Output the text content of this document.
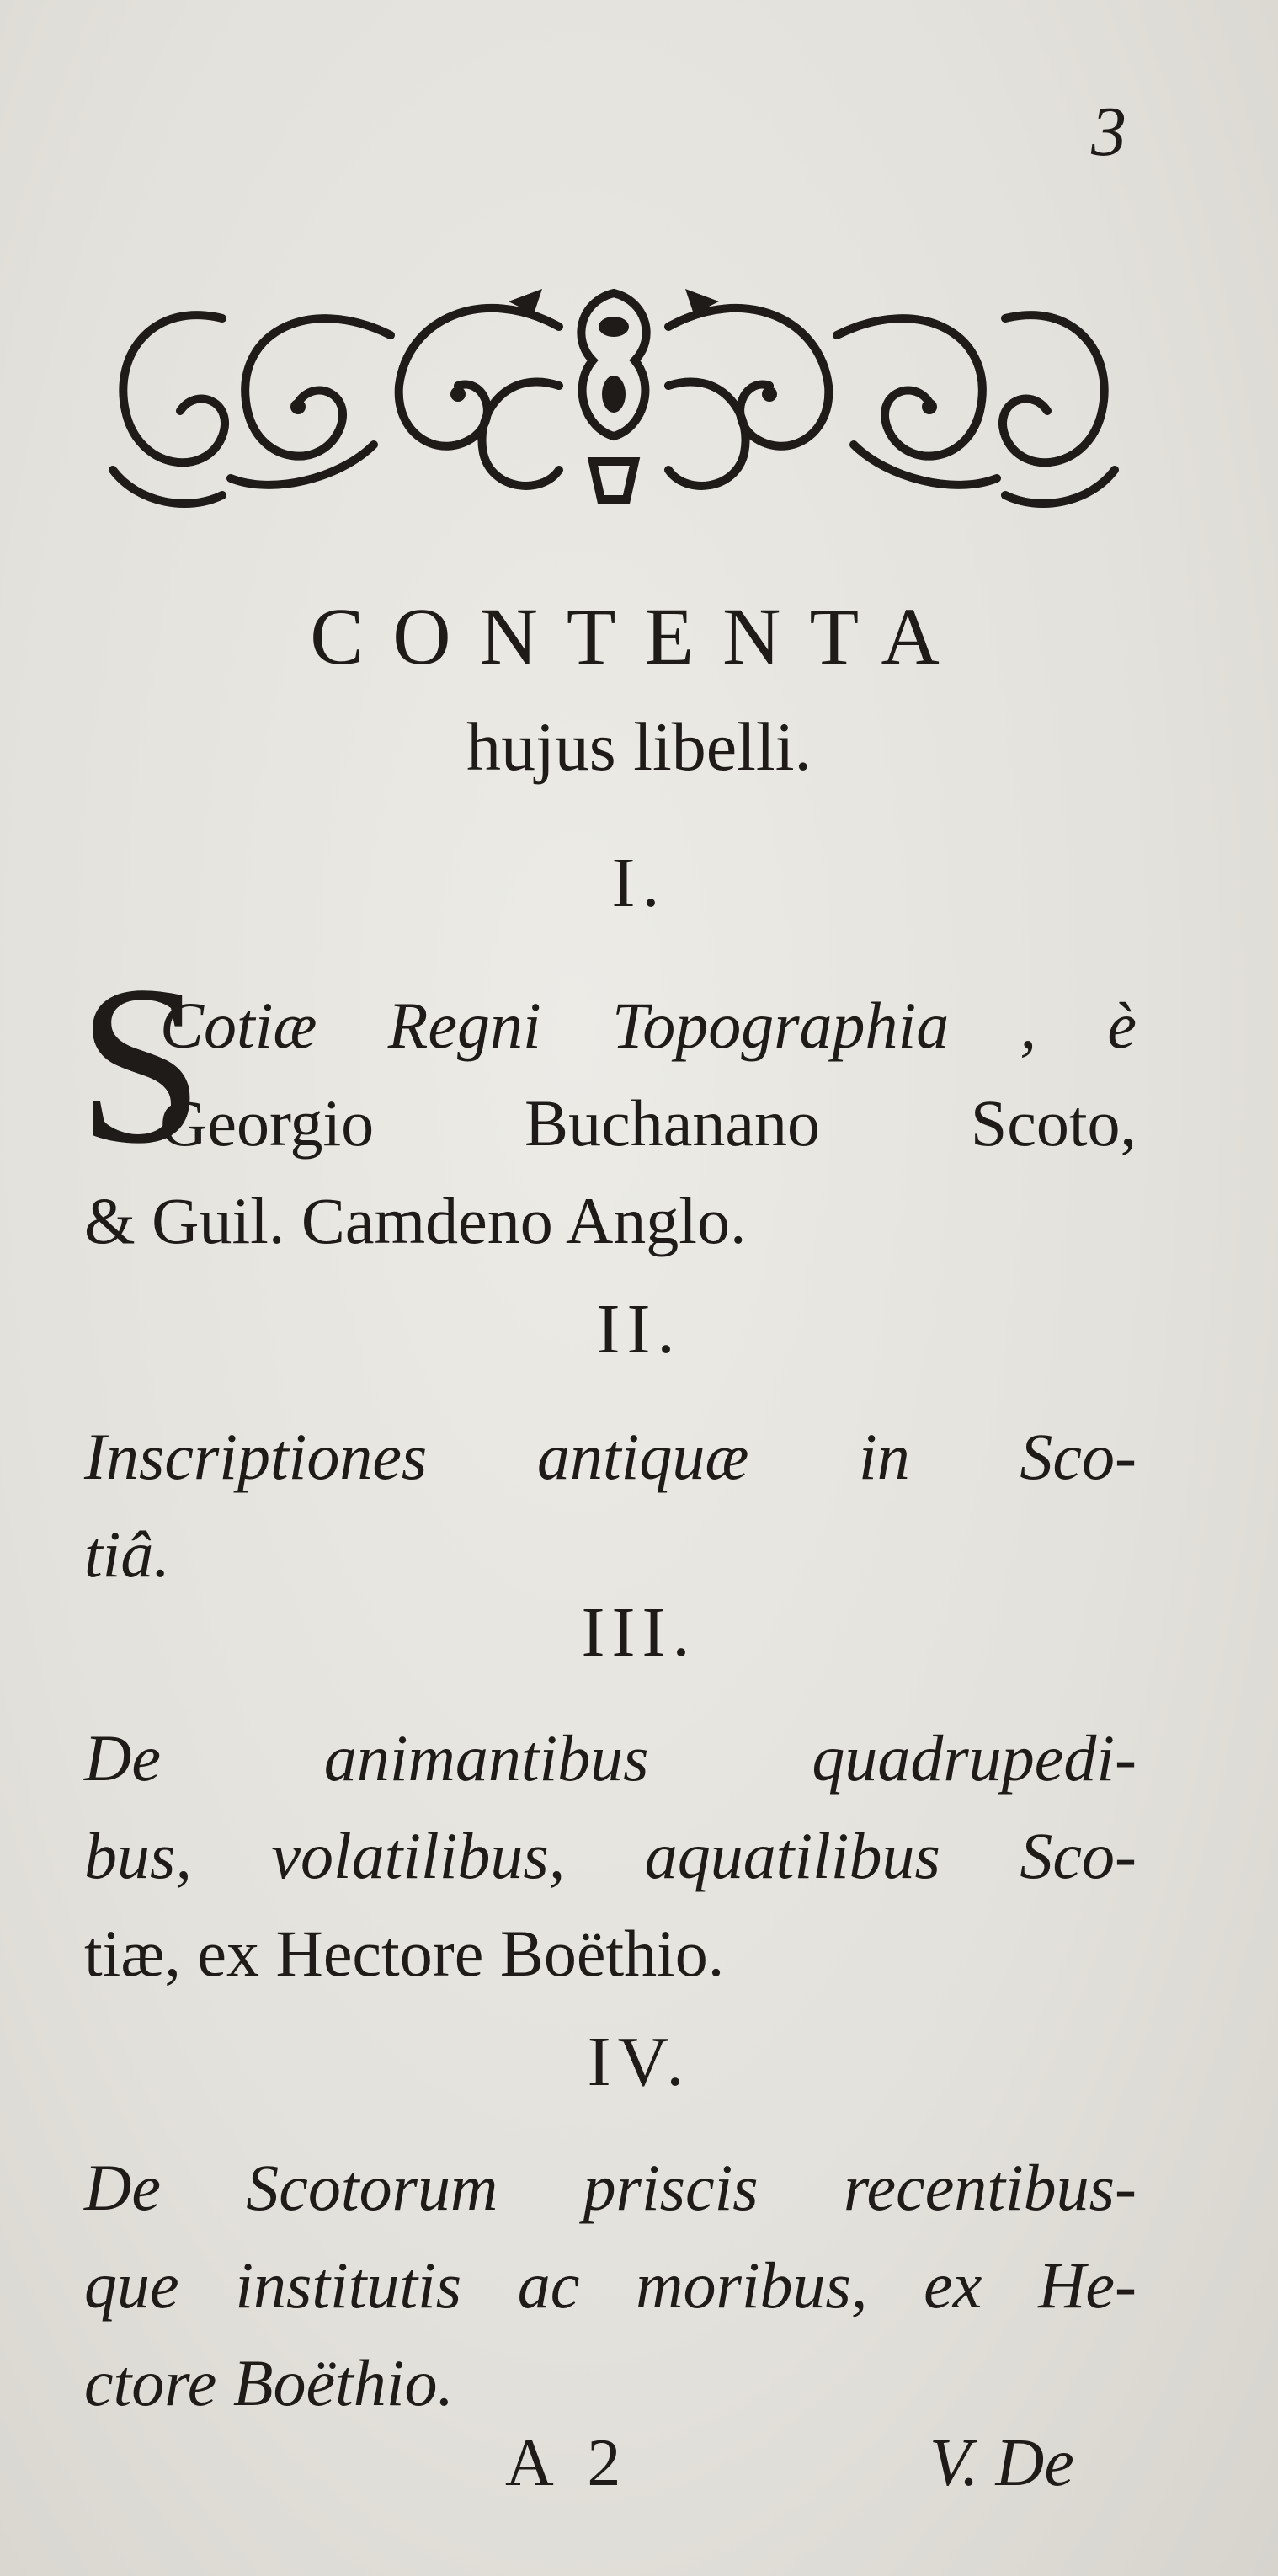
3
CONTENTA
hujus libelli.
I.
S
Cotiæ Regni Topographia , è
Georgio Buchanano Scoto,
& Guil. Camdeno Anglo.
II.
Inscriptiones antiquæ in Sco-
tiâ.
III.
De animantibus quadrupedi-
bus, volatilibus, aquatilibus Sco-
tiæ, ex Hectore Boëthio.
IV.
De Scotorum priscis recentibus-
que institutis ac moribus, ex He-
ctore Boëthio.
A 2	V. De
